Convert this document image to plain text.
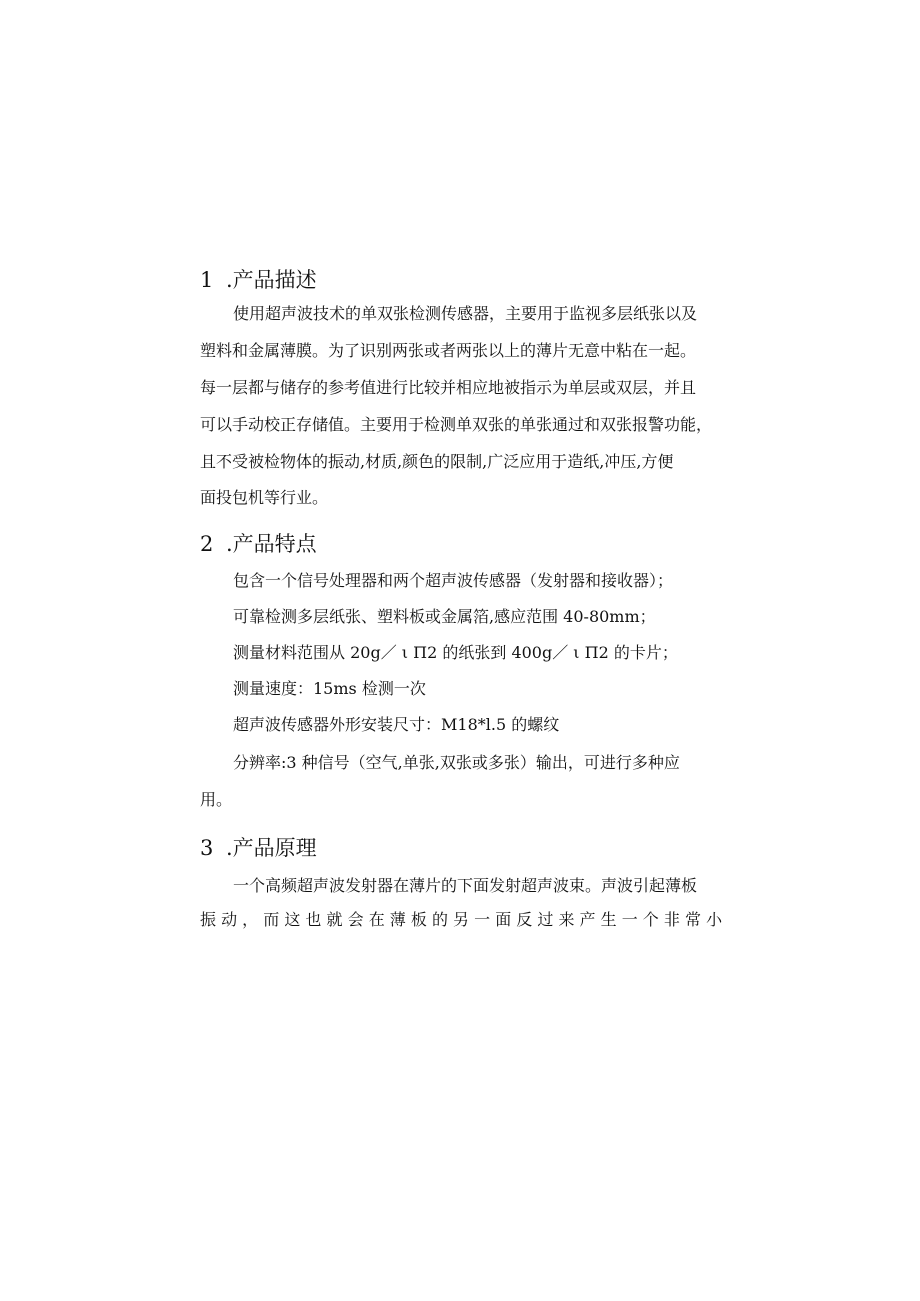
1 .产品描述
使用超声波技术的单双张检测传感器，主要用于监视多层纸张以及
塑料和金属薄膜。为了识别两张或者两张以上的薄片无意中粘在一起。
每一层都与储存的参考值进行比较并相应地被指示为单层或双层，并且
可以手动校正存储值。主要用于检测单双张的单张通过和双张报警功能，
且不受被检物体的振动,材质,颜色的限制,广泛应用于造纸,冲压,方便
面投包机等行业。
2 .产品特点
包含一个信号处理器和两个超声波传感器（发射器和接收器）；
可靠检测多层纸张、塑料板或金属箔,感应范围 40-80mm；
测量材料范围从 20g／ ι Π2 的纸张到 400g／ ι Π2 的卡片；
测量速度：15ms 检测一次
超声波传感器外形安装尺寸：M18*l.5 的螺纹
分辨率:3 种信号（空气,单张,双张或多张）输出，可进行多种应
用。
3 .产品原理
一个高频超声波发射器在薄片的下面发射超声波束。声波引起薄板
振 动 ， 而 这 也 就 会 在 薄 板 的 另 一 面 反 过 来 产 生 一 个 非 常 小
